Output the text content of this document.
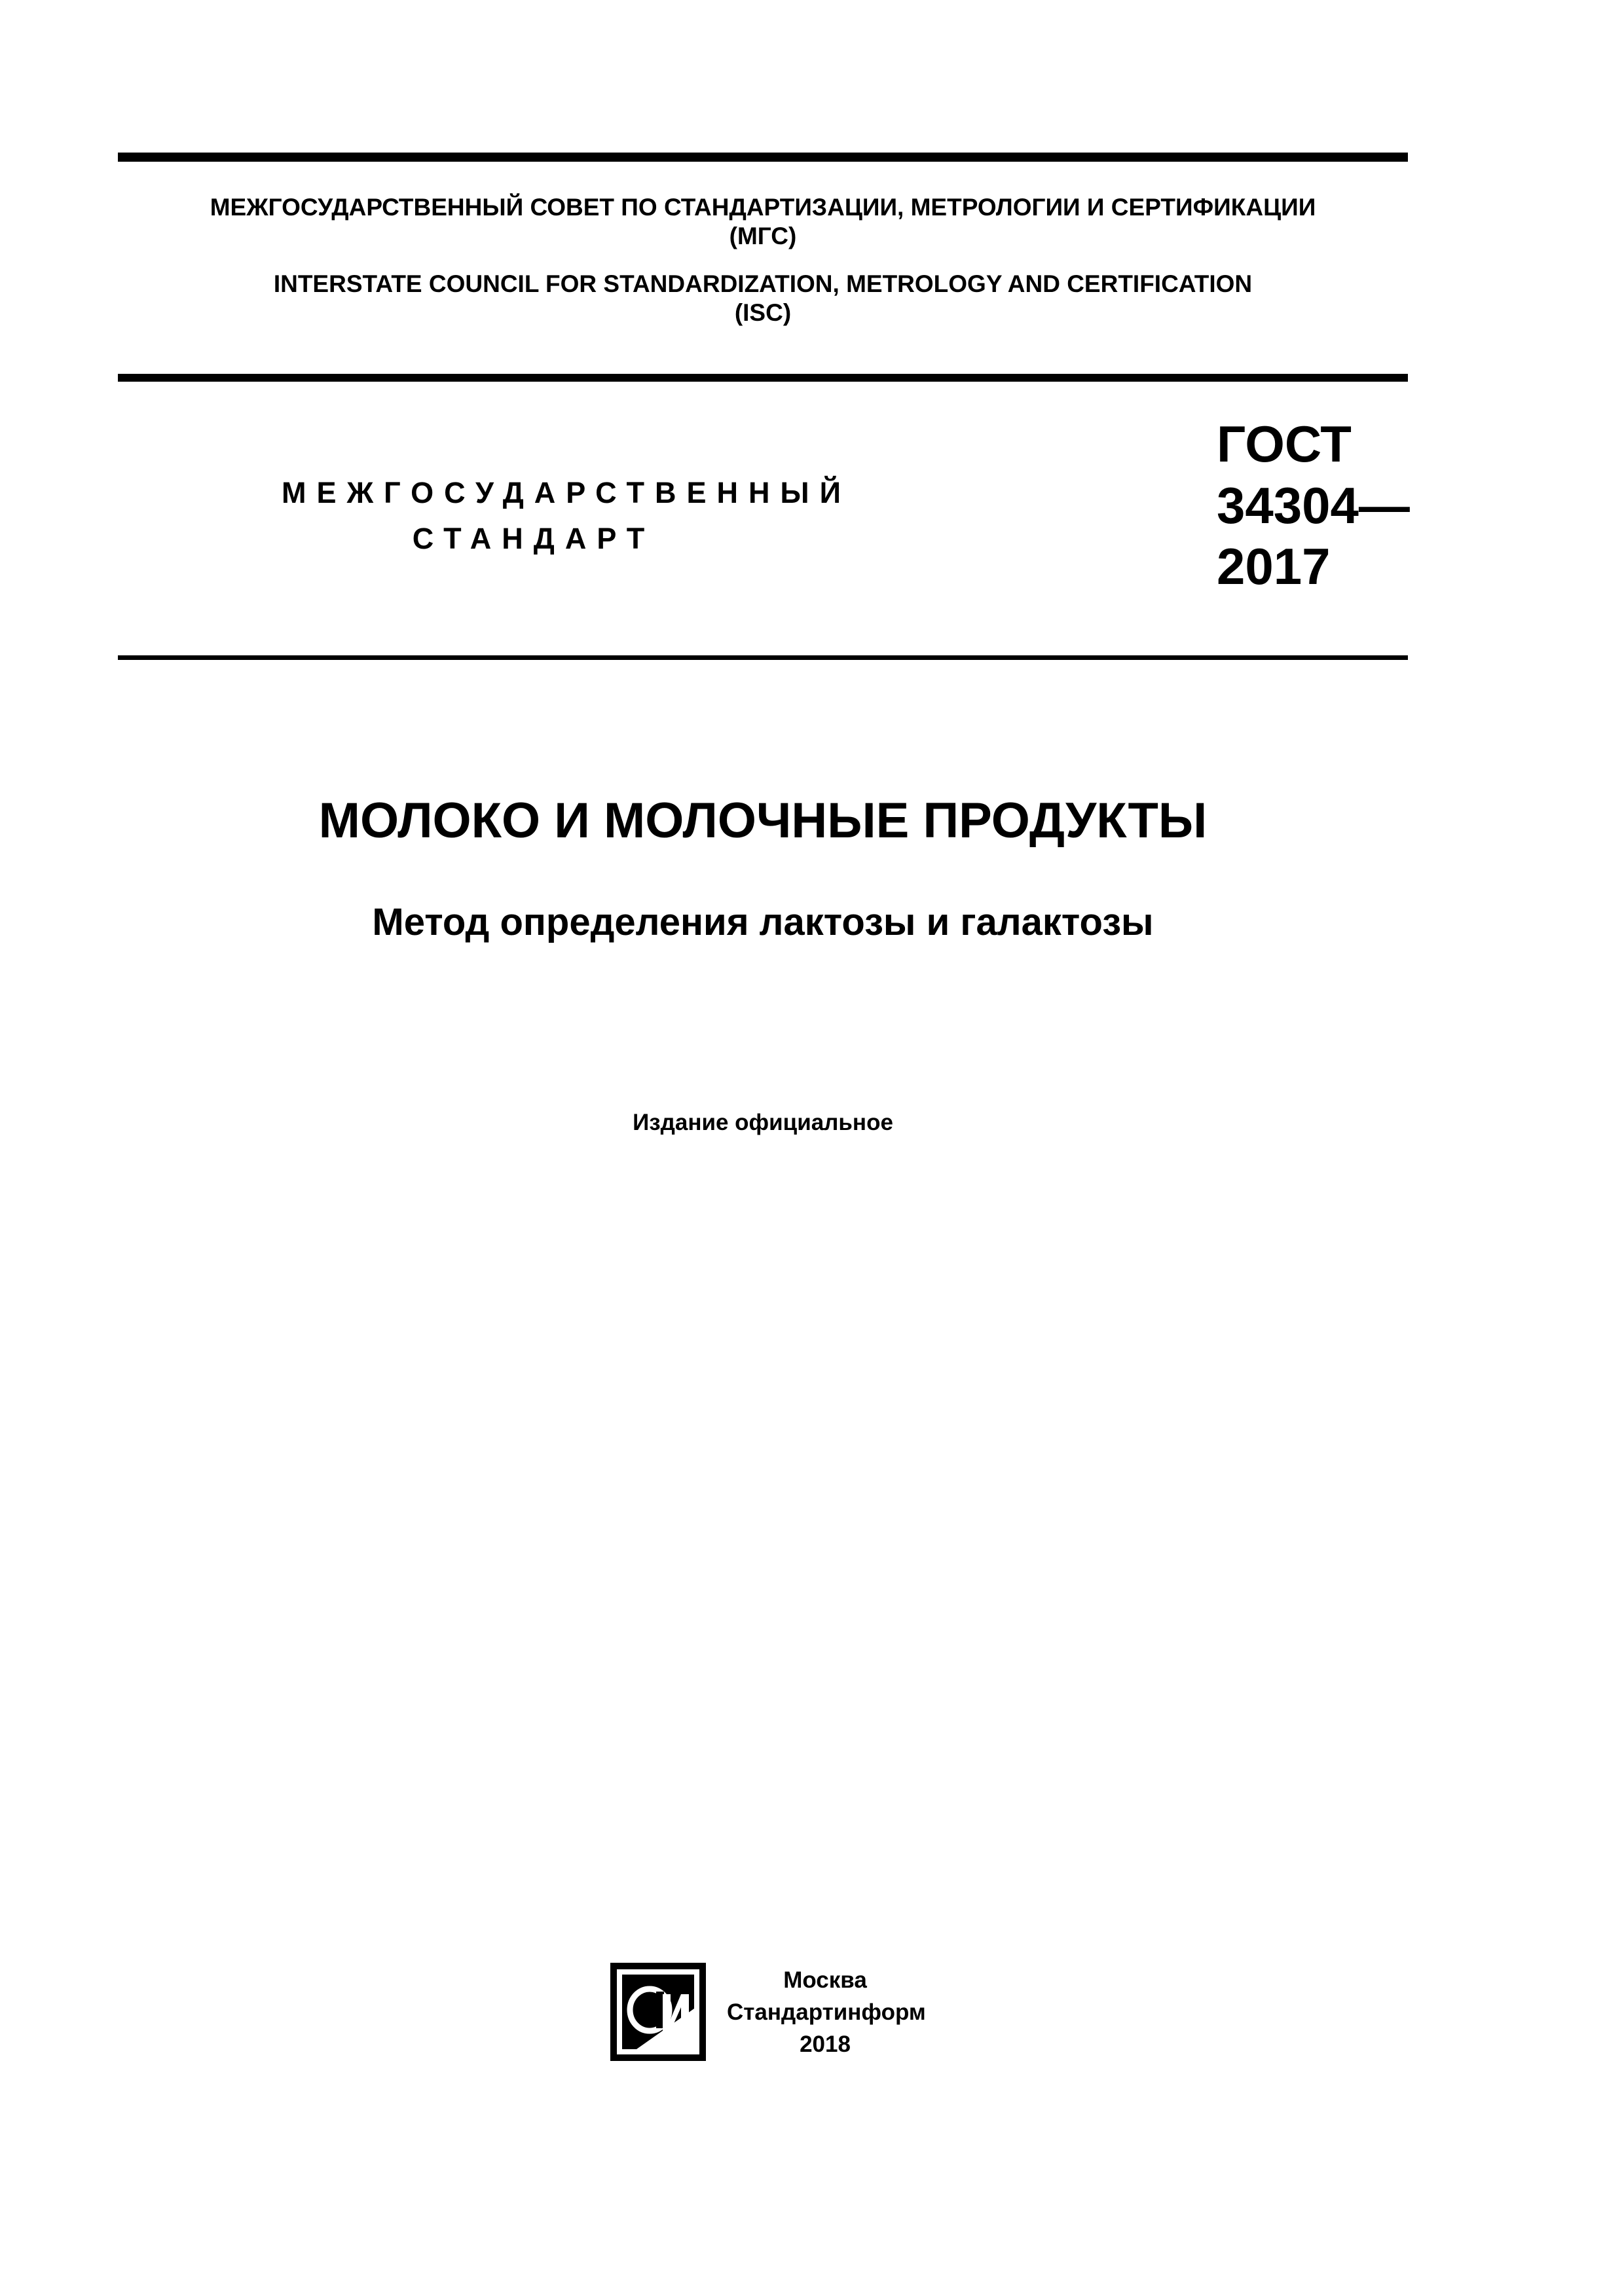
МЕЖГОСУДАРСТВЕННЫЙ СОВЕТ ПО СТАНДАРТИЗАЦИИ, МЕТРОЛОГИИ И СЕРТИФИКАЦИИ
(МГС)
INTERSTATE COUNCIL FOR STANDARDIZATION, METROLOGY AND CERTIFICATION
(ISC)
МЕЖГОСУДАРСТВЕННЫЙ
СТАНДАРТ
ГОСТ
34304—
2017
МОЛОКО И МОЛОЧНЫЕ ПРОДУКТЫ
Метод определения лактозы и галактозы
Издание официальное
Москва
Стандартинформ
2018
